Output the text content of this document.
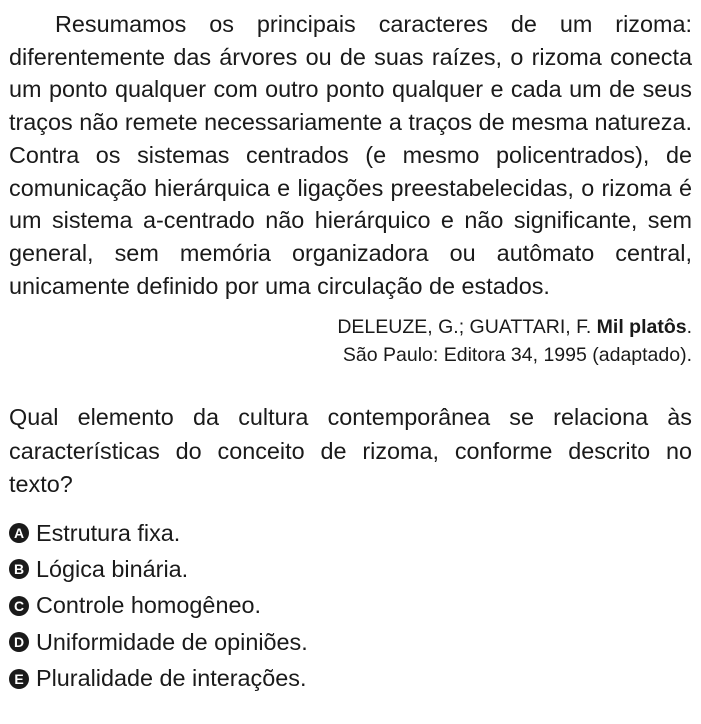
Resumamos os principais caracteres de um rizoma: diferentemente das árvores ou de suas raízes, o rizoma conecta um ponto qualquer com outro ponto qualquer e cada um de seus traços não remete necessariamente a traços de mesma natureza. Contra os sistemas centrados (e mesmo policentrados), de comunicação hierárquica e ligações preestabelecidas, o rizoma é um sistema a-centrado não hierárquico e não significante, sem general, sem memória organizadora ou autômato central, unicamente definido por uma circulação de estados.

DELEUZE, G.; GUATTARI, F. Mil platôs.
São Paulo: Editora 34, 1995 (adaptado).
Qual elemento da cultura contemporânea se relaciona às características do conceito de rizoma, conforme descrito no texto?
A Estrutura fixa.
B Lógica binária.
C Controle homogêneo.
D Uniformidade de opiniões.
E Pluralidade de interações.
